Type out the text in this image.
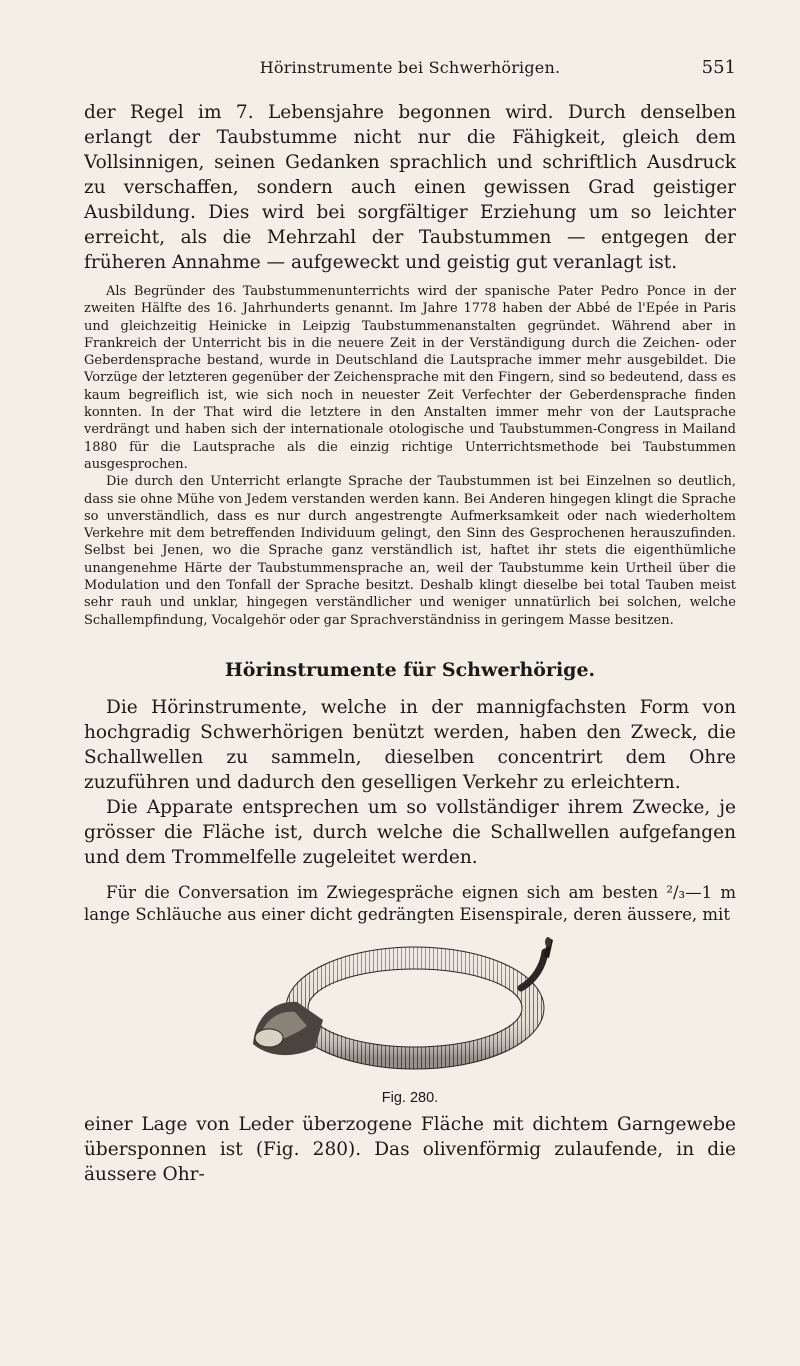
Hörinstrumente bei Schwerhörigen.	551

der Regel im 7. Lebensjahre begonnen wird. Durch denselben erlangt der Taubstumme nicht nur die Fähigkeit, gleich dem Vollsinnigen, seinen Gedanken sprachlich und schriftlich Ausdruck zu verschaffen, sondern auch einen gewissen Grad geistiger Ausbildung. Dies wird bei sorgfältiger Erziehung um so leichter erreicht, als die Mehrzahl der Taubstummen — entgegen der früheren Annahme — aufgeweckt und geistig gut veranlagt ist.

Als Begründer des Taubstummenunterrichts wird der spanische Pater Pedro Ponce in der zweiten Hälfte des 16. Jahrhunderts genannt. Im Jahre 1778 haben der Abbé de l'Epée in Paris und gleichzeitig Heinicke in Leipzig Taubstummenanstalten gegründet. Während aber in Frankreich der Unterricht bis in die neuere Zeit in der Verständigung durch die Zeichen- oder Geberdensprache bestand, wurde in Deutschland die Lautsprache immer mehr ausgebildet. Die Vorzüge der letzteren gegenüber der Zeichensprache mit den Fingern, sind so bedeutend, dass es kaum begreiflich ist, wie sich noch in neuester Zeit Verfechter der Geberdensprache finden konnten. In der That wird die letztere in den Anstalten immer mehr von der Lautsprache verdrängt und haben sich der internationale otologische und Taubstummen-Congress in Mailand 1880 für die Lautsprache als die einzig richtige Unterrichtsmethode bei Taubstummen ausgesprochen.

Die durch den Unterricht erlangte Sprache der Taubstummen ist bei Einzelnen so deutlich, dass sie ohne Mühe von Jedem verstanden werden kann. Bei Anderen hingegen klingt die Sprache so unverständlich, dass es nur durch angestrengte Aufmerksamkeit oder nach wiederholtem Verkehre mit dem betreffenden Individuum gelingt, den Sinn des Gesprochenen herauszufinden. Selbst bei Jenen, wo die Sprache ganz verständlich ist, haftet ihr stets die eigenthümliche unangenehme Härte der Taubstummensprache an, weil der Taubstumme kein Urtheil über die Modulation und den Tonfall der Sprache besitzt. Deshalb klingt dieselbe bei total Tauben meist sehr rauh und unklar, hingegen verständlicher und weniger unnatürlich bei solchen, welche Schallempfindung, Vocalgehör oder gar Sprachverständniss in geringem Masse besitzen.

Hörinstrumente für Schwerhörige.

Die Hörinstrumente, welche in der mannigfachsten Form von hochgradig Schwerhörigen benützt werden, haben den Zweck, die Schallwellen zu sammeln, dieselben concentrirt dem Ohre zuzuführen und dadurch den geselligen Verkehr zu erleichtern.

Die Apparate entsprechen um so vollständiger ihrem Zwecke, je grösser die Fläche ist, durch welche die Schallwellen aufgefangen und dem Trommelfelle zugeleitet werden.

Für die Conversation im Zwiegespräche eignen sich am besten ²/₃—1 m lange Schläuche aus einer dicht gedrängten Eisenspirale, deren äussere, mit

Fig. 280.

einer Lage von Leder überzogene Fläche mit dichtem Garngewebe übersponnen ist (Fig. 280). Das olivenförmig zulaufende, in die äussere Ohr-
